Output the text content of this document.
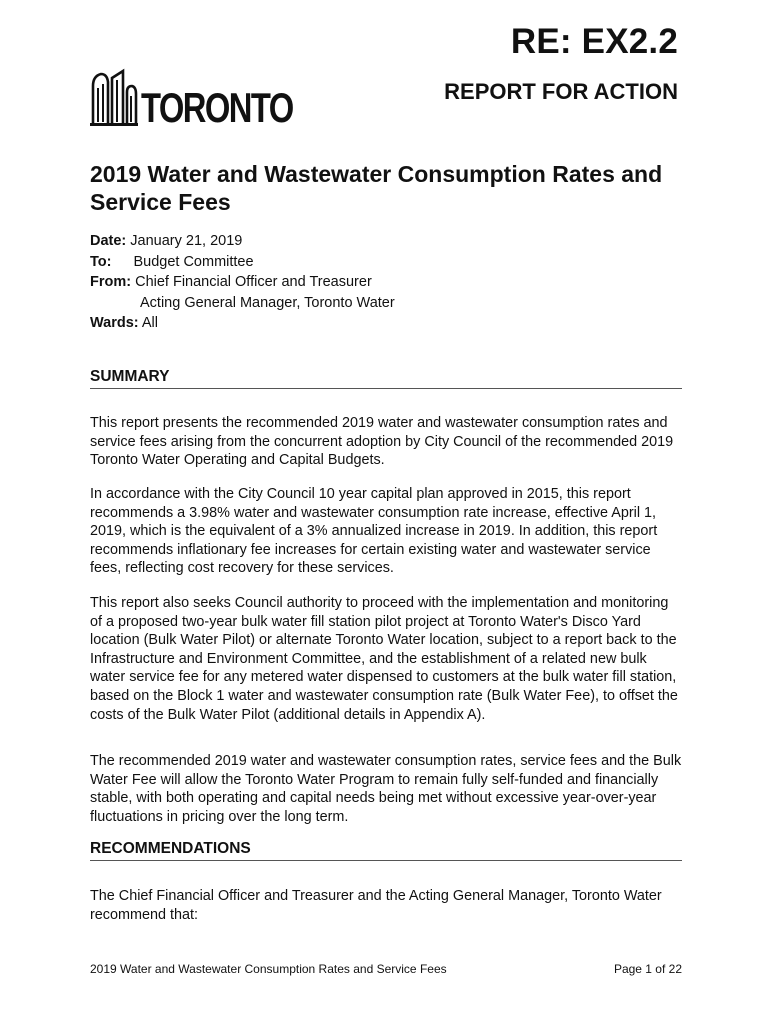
RE: EX2.2
REPORT FOR ACTION
TORONTO
2019 Water and Wastewater Consumption Rates and Service Fees
Date: January 21, 2019
To: Budget Committee
From: Chief Financial Officer and Treasurer
Acting General Manager, Toronto Water
Wards: All
SUMMARY

This report presents the recommended 2019 water and wastewater consumption rates and service fees arising from the concurrent adoption by City Council of the recommended 2019 Toronto Water Operating and Capital Budgets.

In accordance with the City Council 10 year capital plan approved in 2015, this report recommends a 3.98% water and wastewater consumption rate increase, effective April 1, 2019, which is the equivalent of a 3% annualized increase in 2019. In addition, this report recommends inflationary fee increases for certain existing water and wastewater service fees, reflecting cost recovery for these services.

This report also seeks Council authority to proceed with the implementation and monitoring of a proposed two-year bulk water fill station pilot project at Toronto Water's Disco Yard location (Bulk Water Pilot) or alternate Toronto Water location, subject to a report back to the Infrastructure and Environment Committee, and the establishment of a related new bulk water service fee for any metered water dispensed to customers at the bulk water fill station, based on the Block 1 water and wastewater consumption rate (Bulk Water Fee), to offset the costs of the Bulk Water Pilot (additional details in Appendix A).

The recommended 2019 water and wastewater consumption rates, service fees and the Bulk Water Fee will allow the Toronto Water Program to remain fully self-funded and financially stable, with both operating and capital needs being met without excessive year-over-year fluctuations in pricing over the long term.

RECOMMENDATIONS

The Chief Financial Officer and Treasurer and the Acting General Manager, Toronto Water recommend that:

2019 Water and Wastewater Consumption Rates and Service Fees	Page 1 of 22
